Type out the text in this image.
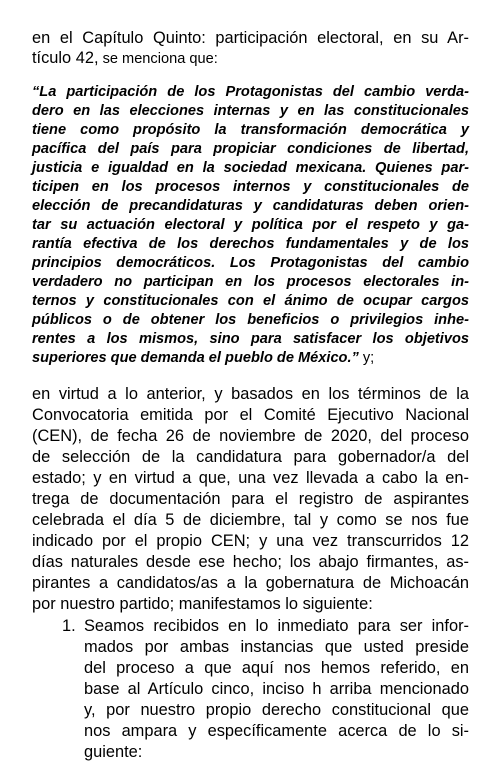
en el Capítulo Quinto: participación electoral, en su Ar-
tículo 42, se menciona que:
“La participación de los Protagonistas del cambio verda-
dero en las elecciones internas y en las constitucionales
tiene como propósito la transformación democrática y
pacífica del país para propiciar condiciones de libertad,
justicia e igualdad en la sociedad mexicana. Quienes par-
ticipen en los procesos internos y constitucionales de
elección de precandidaturas y candidaturas deben orien-
tar su actuación electoral y política por el respeto y ga-
rantía efectiva de los derechos fundamentales y de los
principios democráticos. Los Protagonistas del cambio
verdadero no participan en los procesos electorales in-
ternos y constitucionales con el ánimo de ocupar cargos
públicos o de obtener los beneficios o privilegios inhe-
rentes a los mismos, sino para satisfacer los objetivos
superiores que demanda el pueblo de México.” y;
en virtud a lo anterior, y basados en los términos de la
Convocatoria emitida por el Comité Ejecutivo Nacional
(CEN), de fecha 26 de noviembre de 2020, del proceso
de selección de la candidatura para gobernador/a del
estado; y en virtud a que, una vez llevada a cabo la en-
trega de documentación para el registro de aspirantes
celebrada el día 5 de diciembre, tal y como se nos fue
indicado por el propio CEN; y una vez transcurridos 12
días naturales desde ese hecho; los abajo firmantes, as-
pirantes a candidatos/as a la gobernatura de Michoacán
por nuestro partido; manifestamos lo siguiente:
1. Seamos recibidos en lo inmediato para ser infor-
mados por ambas instancias que usted preside
del proceso a que aquí nos hemos referido, en
base al Artículo cinco, inciso h arriba mencionado
y, por nuestro propio derecho constitucional que
nos ampara y específicamente acerca de lo si-
guiente:
